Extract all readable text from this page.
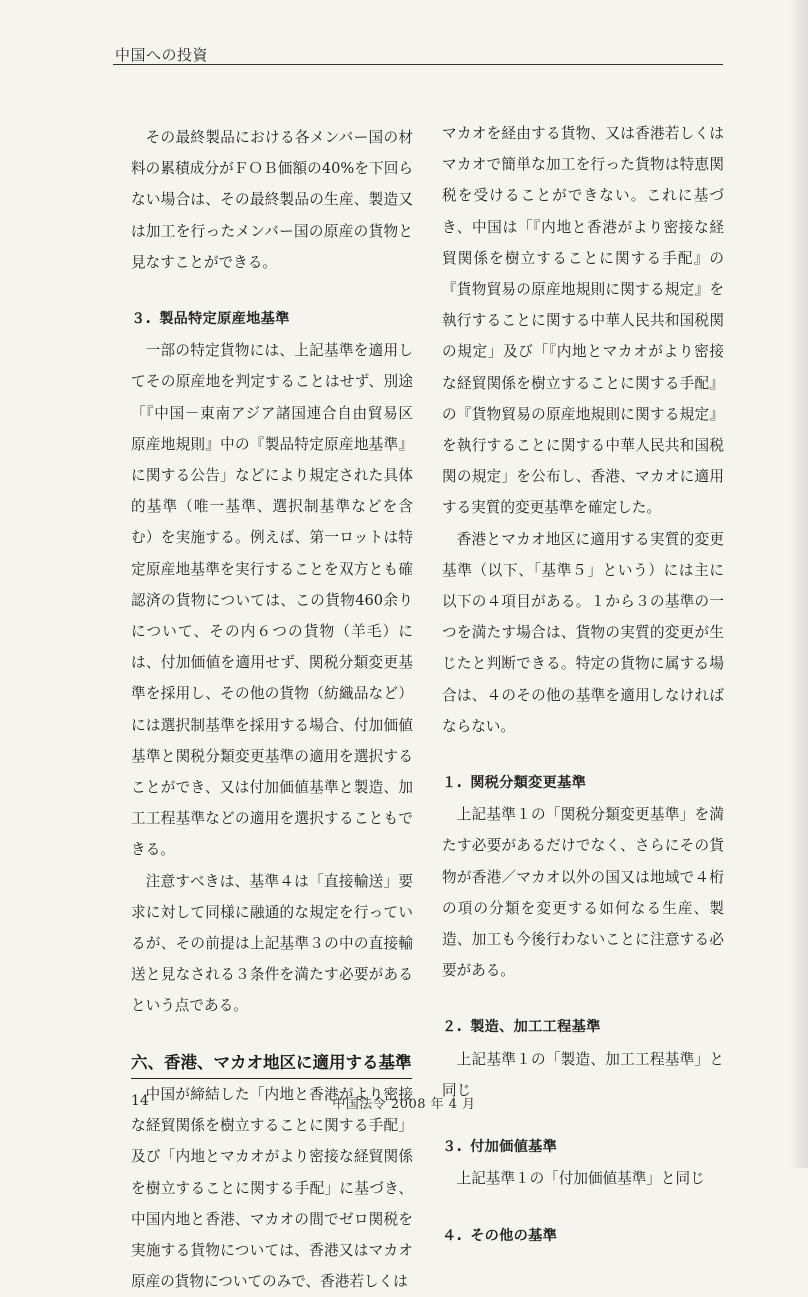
中国への投資

その最終製品における各メンバー国の材料の累積成分がＦＯＢ価額の40%を下回らない場合は、その最終製品の生産、製造又は加工を行ったメンバー国の原産の貨物と見なすことができる。

３. 製品特定原産地基準

一部の特定貨物には、上記基準を適用してその原産地を判定することはせず、別途「『中国－東南アジア諸国連合自由貿易区原産地規則』中の『製品特定原産地基準』に関する公告」などにより規定された具体的基準（唯一基準、選択制基準などを含む）を実施する。例えば、第一ロットは特定原産地基準を実行することを双方とも確認済の貨物については、この貨物460余りについて、その内６つの貨物（羊毛）には、付加価値を適用せず、関税分類変更基準を採用し、その他の貨物（紡織品など）には選択制基準を採用する場合、付加価値基準と関税分類変更基準の適用を選択することができ、又は付加価値基準と製造、加工工程基準などの適用を選択することもできる。

注意すべきは、基準４は「直接輸送」要求に対して同様に融通的な規定を行っているが、その前提は上記基準３の中の直接輸送と見なされる３条件を満たす必要があるという点である。

六、香港、マカオ地区に適用する基準

中国が締結した「内地と香港がより密接な経貿関係を樹立することに関する手配」及び「内地とマカオがより密接な経貿関係を樹立することに関する手配」に基づき、中国内地と香港、マカオの間でゼロ関税を実施する貨物については、香港又はマカオ原産の貨物についてのみで、香港若しくは

マカオを経由する貨物、又は香港若しくはマカオで簡単な加工を行った貨物は特恵関税を受けることができない。これに基づき、中国は「『内地と香港がより密接な経貿関係を樹立することに関する手配』の『貨物貿易の原産地規則に関する規定』を執行することに関する中華人民共和国税関の規定」及び「『内地とマカオがより密接な経貿関係を樹立することに関する手配』の『貨物貿易の原産地規則に関する規定』を執行することに関する中華人民共和国税関の規定」を公布し、香港、マカオに適用する実質的変更基準を確定した。

香港とマカオ地区に適用する実質的変更基準（以下、「基準５」という）には主に以下の４項目がある。１から３の基準の一つを満たす場合は、貨物の実質的変更が生じたと判断できる。特定の貨物に属する場合は、４のその他の基準を適用しなければならない。

１. 関税分類変更基準

上記基準１の「関税分類変更基準」を満たす必要があるだけでなく、さらにその貨物が香港／マカオ以外の国又は地域で４桁の項の分類を変更する如何なる生産、製造、加工も今後行わないことに注意する必要がある。

２. 製造、加工工程基準

上記基準１の「製造、加工工程基準」と同じ

３. 付加価値基準

上記基準１の「付加価値基準」と同じ

４. その他の基準

14	中国法令 2008 年 4 月
